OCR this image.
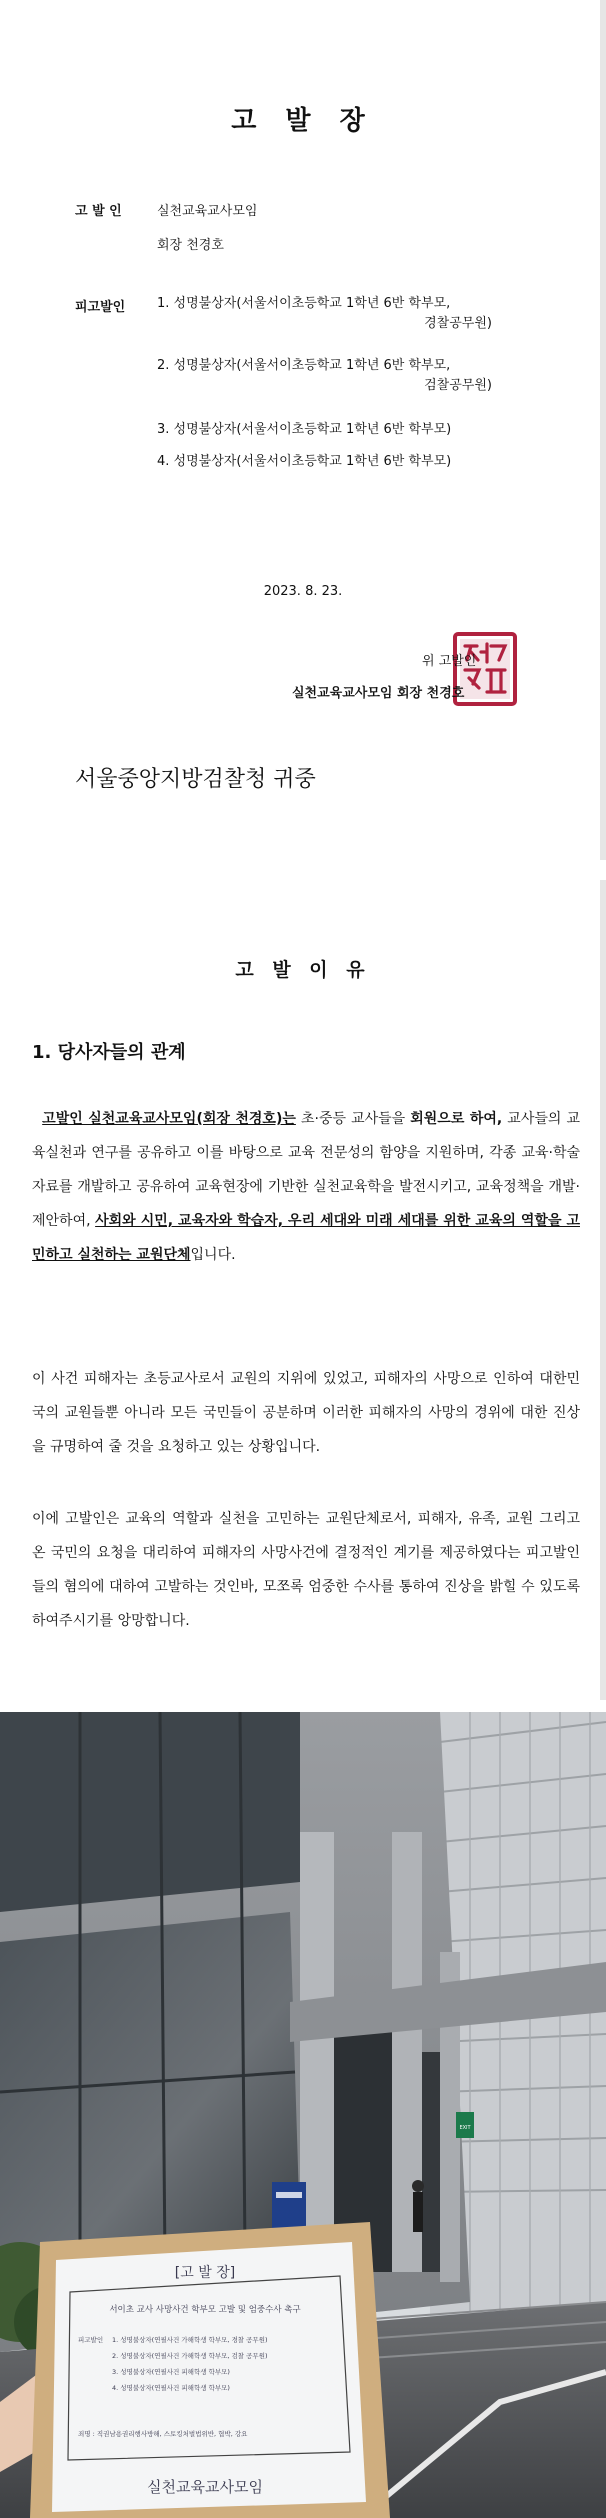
고 발 장
고 발 인	실천교육교사모임
회장 천경호
피고발인 1. 성명불상자(서울서이초등학교 1학년 6반 학부모,
경찰공무원)
2. 성명불상자(서울서이초등학교 1학년 6반 학부모,
검찰공무원)
3. 성명불상자(서울서이초등학교 1학년 6반 학부모)
4. 성명불상자(서울서이초등학교 1학년 6반 학부모)
2023. 8. 23.
위 고발인
실천교육교사모임 회장 천경호
서울중앙지방검찰청 귀중
고 발 이 유
1. 당사자들의 관계
고발인 실천교육교사모임(회장 천경호)는 초·중등 교사들을 회원으로 하여, 교사들의 교육실천과 연구를 공유하고 이를 바탕으로 교육 전문성의 함양을 지원하며, 각종 교육·학술자료를 개발하고 공유하여 교육현장에 기반한 실천교육학을 발전시키고, 교육정책을 개발·제안하여, 사회와 시민, 교육자와 학습자, 우리 세대와 미래 세대를 위한 교육의 역할을 고민하고 실천하는 교원단체입니다.
이 사건 피해자는 초등교사로서 교원의 지위에 있었고, 피해자의 사망으로 인하여 대한민국의 교원들뿐 아니라 모든 국민들이 공분하며 이러한 피해자의 사망의 경위에 대한 진상을 규명하여 줄 것을 요청하고 있는 상황입니다.
이에 고발인은 교육의 역할과 실천을 고민하는 교원단체로서, 피해자, 유족, 교원 그리고 온 국민의 요청을 대리하여 피해자의 사망사건에 결정적인 계기를 제공하였다는 피고발인들의 혐의에 대하여 고발하는 것인바, 모쪼록 엄중한 수사를 통하여 진상을 밝힐 수 있도록 하여주시기를 앙망합니다.
EXIT
[고 발 장]
서이초 교사 사망사건 학부모 고발 및 엄중수사 촉구
피고발인 1. 성명불상자(연필사건 가해학생 학부모, 경찰 공무원)
2. 성명불상자(연필사건 가해학생 학부모, 검찰 공무원)
3. 성명불상자(연필사건 피해학생 학부모)
4. 성명불상자(연필사건 피해학생 학부모)
죄명 : 직권남용권리행사방해, 스토킹처벌법위반, 협박, 강요
실천교육교사모임
